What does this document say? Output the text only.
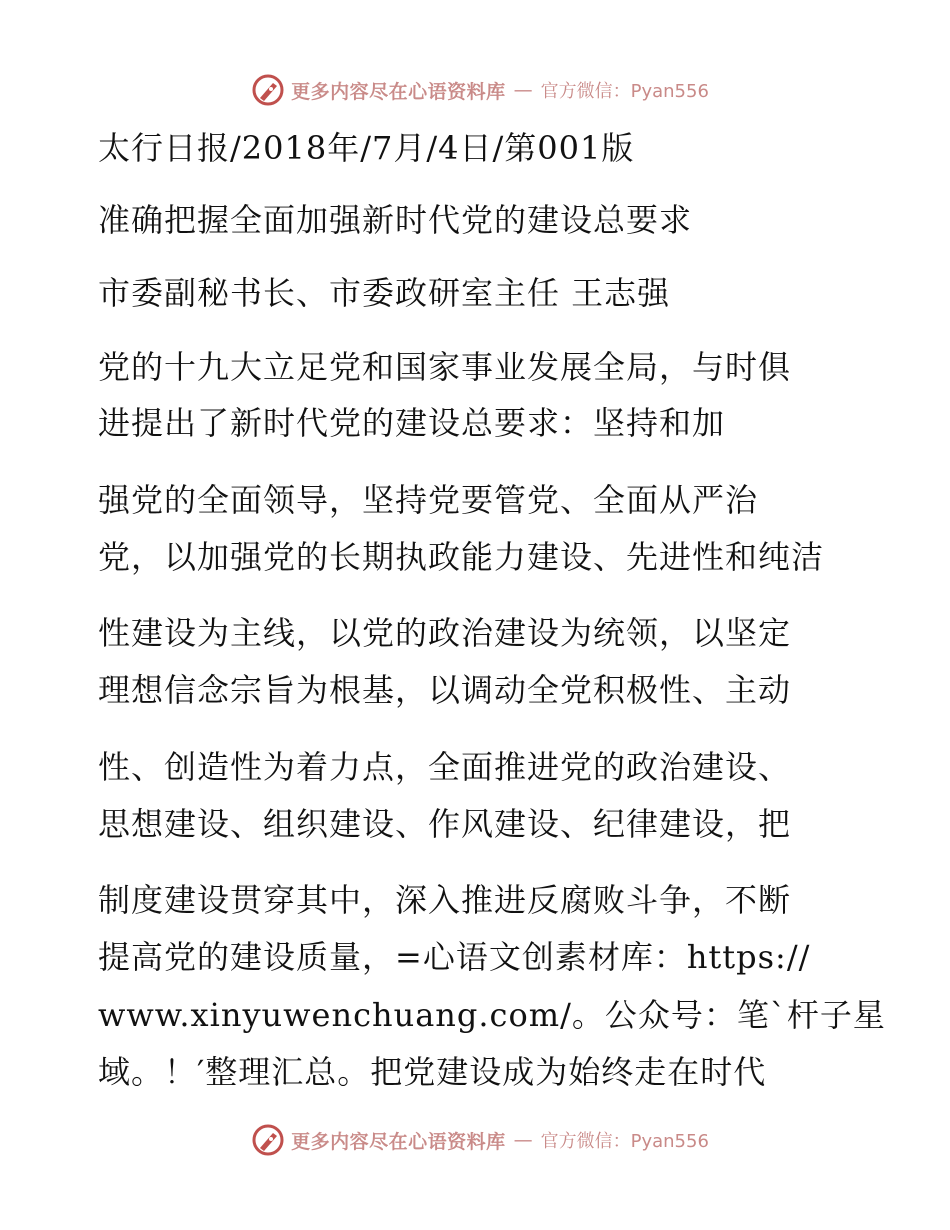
更多内容尽在心语资料库 — 官方微信：Pyan556
太行日报/2018年/7月/4日/第001版
准确把握全面加强新时代党的建设总要求
市委副秘书长、市委政研室主任 王志强
党的十九大立足党和国家事业发展全局，与时俱
进提出了新时代党的建设总要求：坚持和加
强党的全面领导，坚持党要管党、全面从严治
党，以加强党的长期执政能力建设、先进性和纯洁
性建设为主线，以党的政治建设为统领，以坚定
理想信念宗旨为根基，以调动全党积极性、主动
性、创造性为着力点，全面推进党的政治建设、
思想建设、组织建设、作风建设、纪律建设，把
制度建设贯穿其中，深入推进反腐败斗争，不断
提高党的建设质量，=心语文创素材库：https://
www.xinyuwenchuang.com/。公众号：笔`杆子星
域。！′整理汇总。把党建设成为始终走在时代
更多内容尽在心语资料库 — 官方微信：Pyan556
